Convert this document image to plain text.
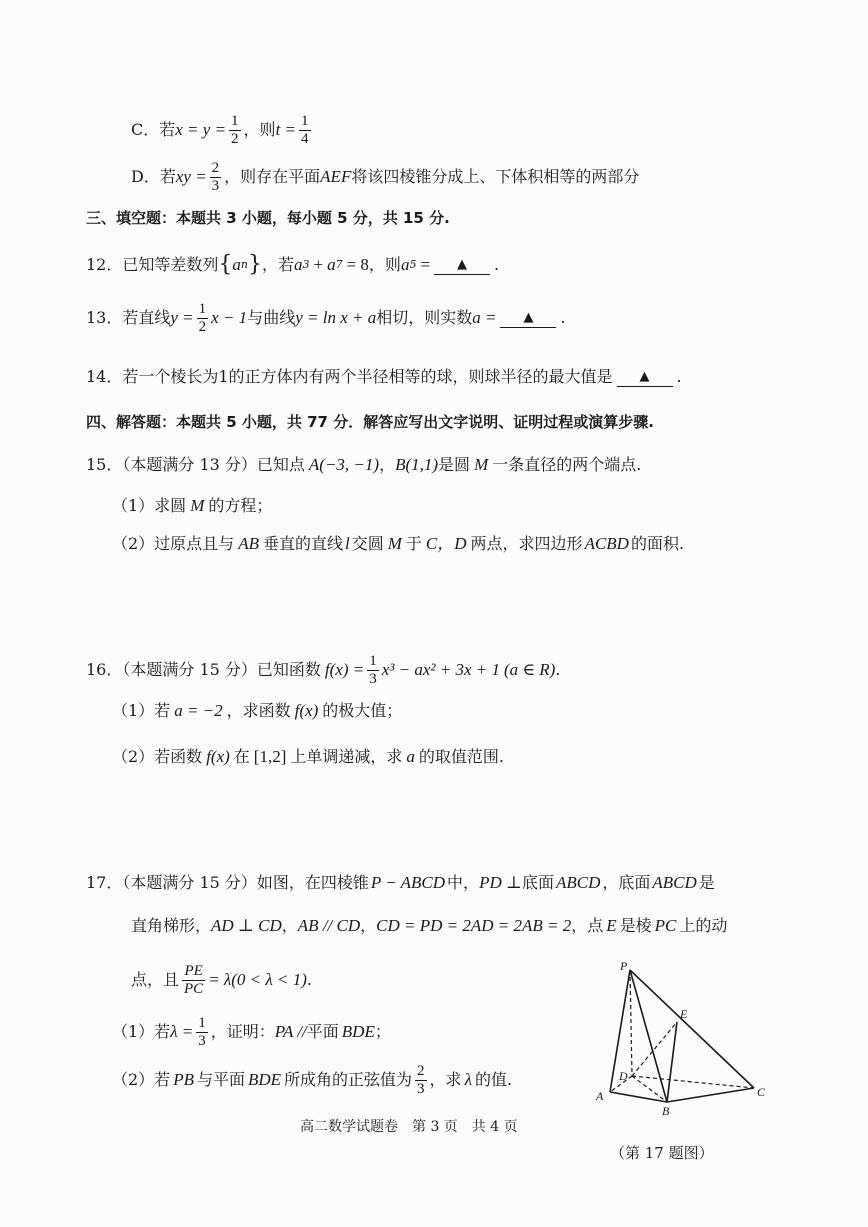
C．若 $x = y = \frac{1}{2}$ ，则 $t = \frac{1}{4}$
D．若 xy = $\frac{2}{3}$ ，则存在平面 AEF 将该四棱锥分成上、下体积相等的两部分
三、填空题：本题共 3 小题，每小题 5 分，共 15 分.
12．已知等差数列 { a n } ，若 a 3 + a 7 = 8 ，则 a 5 =	▲	.
13．若直线 $y = \frac{1}{2}$ x − 1 与曲线 y = ln x + a 相切，则实数 a =	▲	.
14．若一个棱长为1的正方体内有两个半径相等的球，则球半径的最大值是	▲	.
四、解答题：本题共 5 小题，共 77 分．解答应写出文字说明、证明过程或演算步骤.
15．（本题满分 13 分）已知点 A(−3, −1) ， B(1,1) 是圆 M 一条直径的两个端点.
（1）求圆 M 的方程；
（2）过原点且与 AB 垂直的直线 l 交圆 M 于 C，D 两点，求四边形 ACBD 的面积.
16．（本题满分 15 分）已知函数 $f(x) = \frac{1}{3} x^3 - ax^2 + 3x + 1$ (a ∈ R) .
（1）若 a = −2 ，求函数 f(x) 的极大值；
（2）若函数 f(x) 在 [1,2] 上单调递减，求 a 的取值范围.
17．（本题满分 15 分）如图，在四棱锥 P − ABCD 中， PD ⊥ 底面 ABCD ，底面 ABCD 是
直角梯形， AD ⊥ CD ， AB // CD ， CD = PD = 2AD = 2AB = 2 ，点 E 是棱 PC 上的动
点，且 $\frac{PE}{PC} = \lambda(0 < \lambda < 1)$ .
（1）若 $\lambda = \frac{1}{3}$ ，证明： PA // 平面 BDE ；
（2）若 PB 与平面 BDE 所成角的正弦值为 $\frac{2}{3}$ ，求 λ 的值.
高二数学试题卷　第 3 页　共 4 页
P
E
D
A
B
C
（第 17 题图）
